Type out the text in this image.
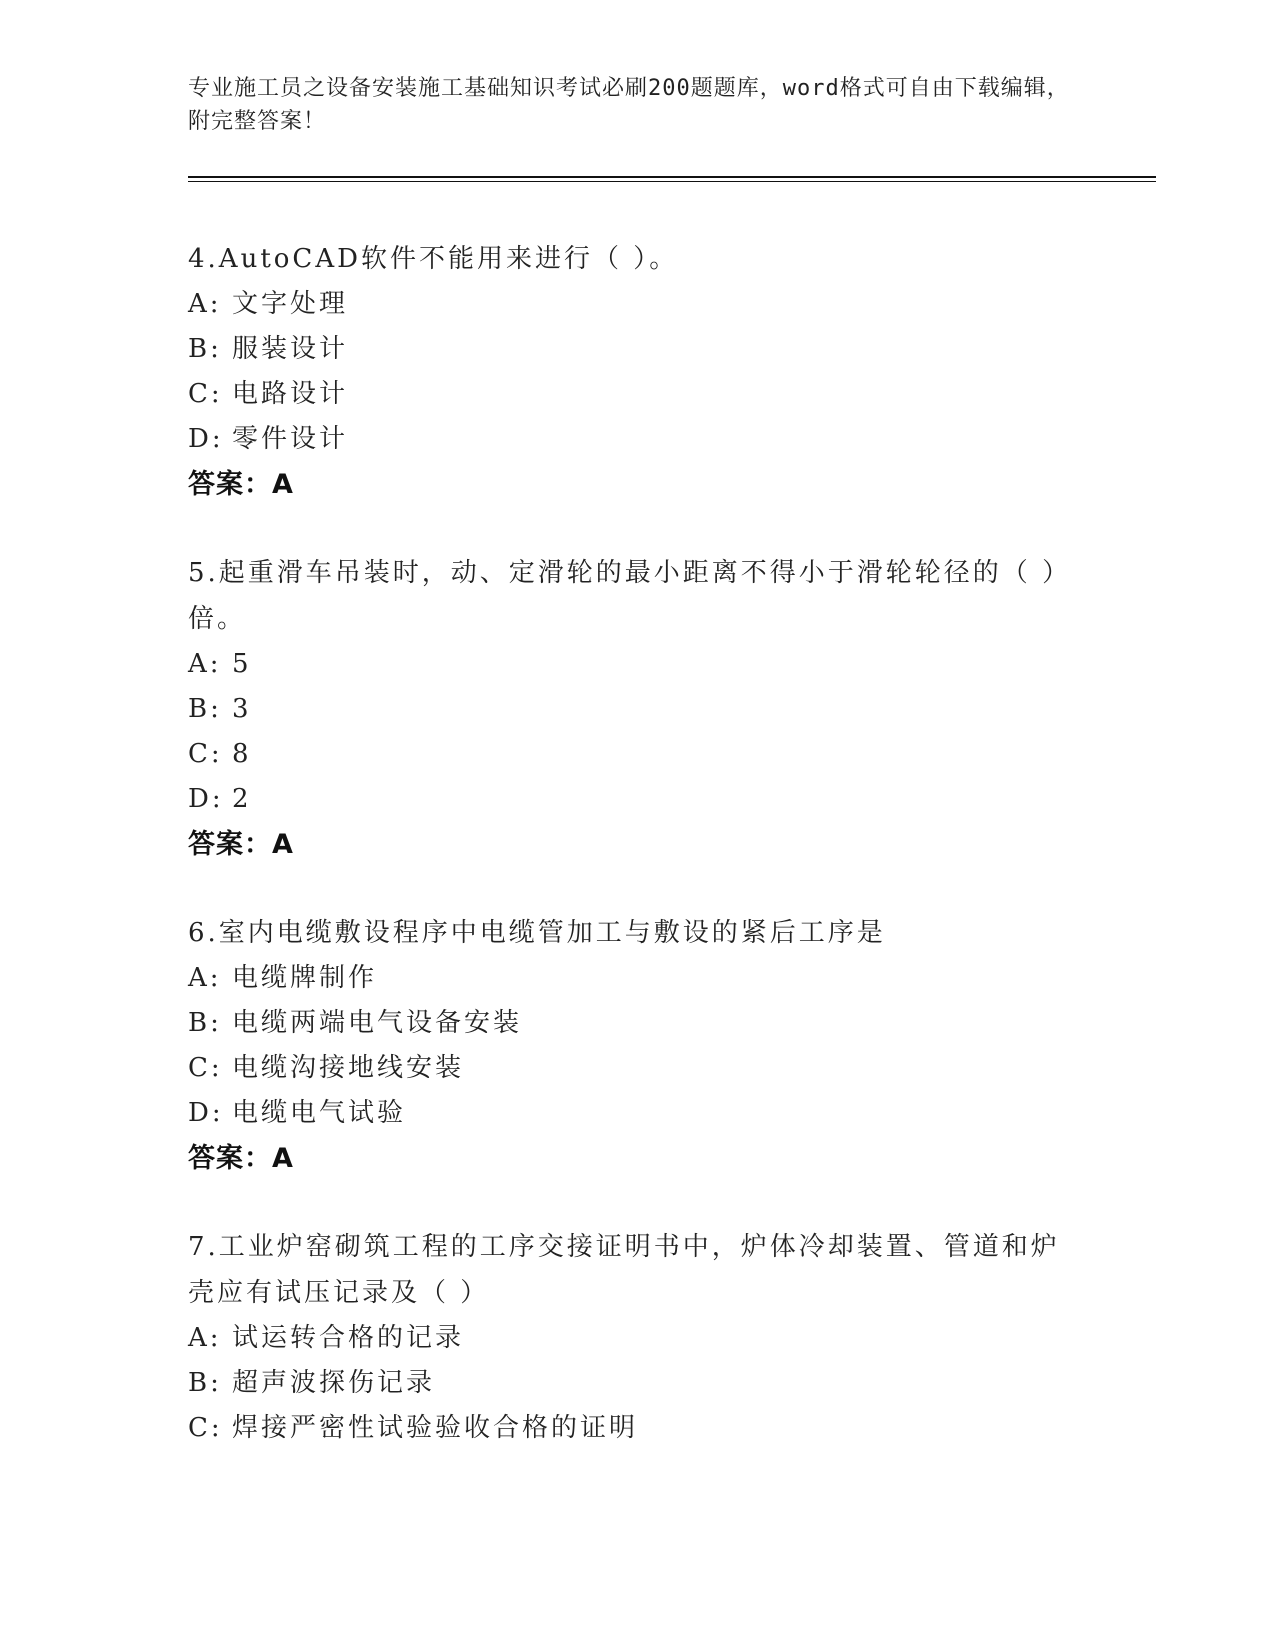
专业施工员之设备安装施工基础知识考试必刷200题题库，word格式可自由下载编辑，附完整答案！
4.AutoCAD软件不能用来进行（ ）。
A: 文字处理
B: 服装设计
C: 电路设计
D: 零件设计
答案：A
5.起重滑车吊装时，动、定滑轮的最小距离不得小于滑轮轮径的（ ）倍。
A: 5
B: 3
C: 8
D: 2
答案：A
6.室内电缆敷设程序中电缆管加工与敷设的紧后工序是
A: 电缆牌制作
B: 电缆两端电气设备安装
C: 电缆沟接地线安装
D: 电缆电气试验
答案：A
7.工业炉窑砌筑工程的工序交接证明书中，炉体冷却装置、管道和炉壳应有试压记录及（ ）
A: 试运转合格的记录
B: 超声波探伤记录
C: 焊接严密性试验验收合格的证明
